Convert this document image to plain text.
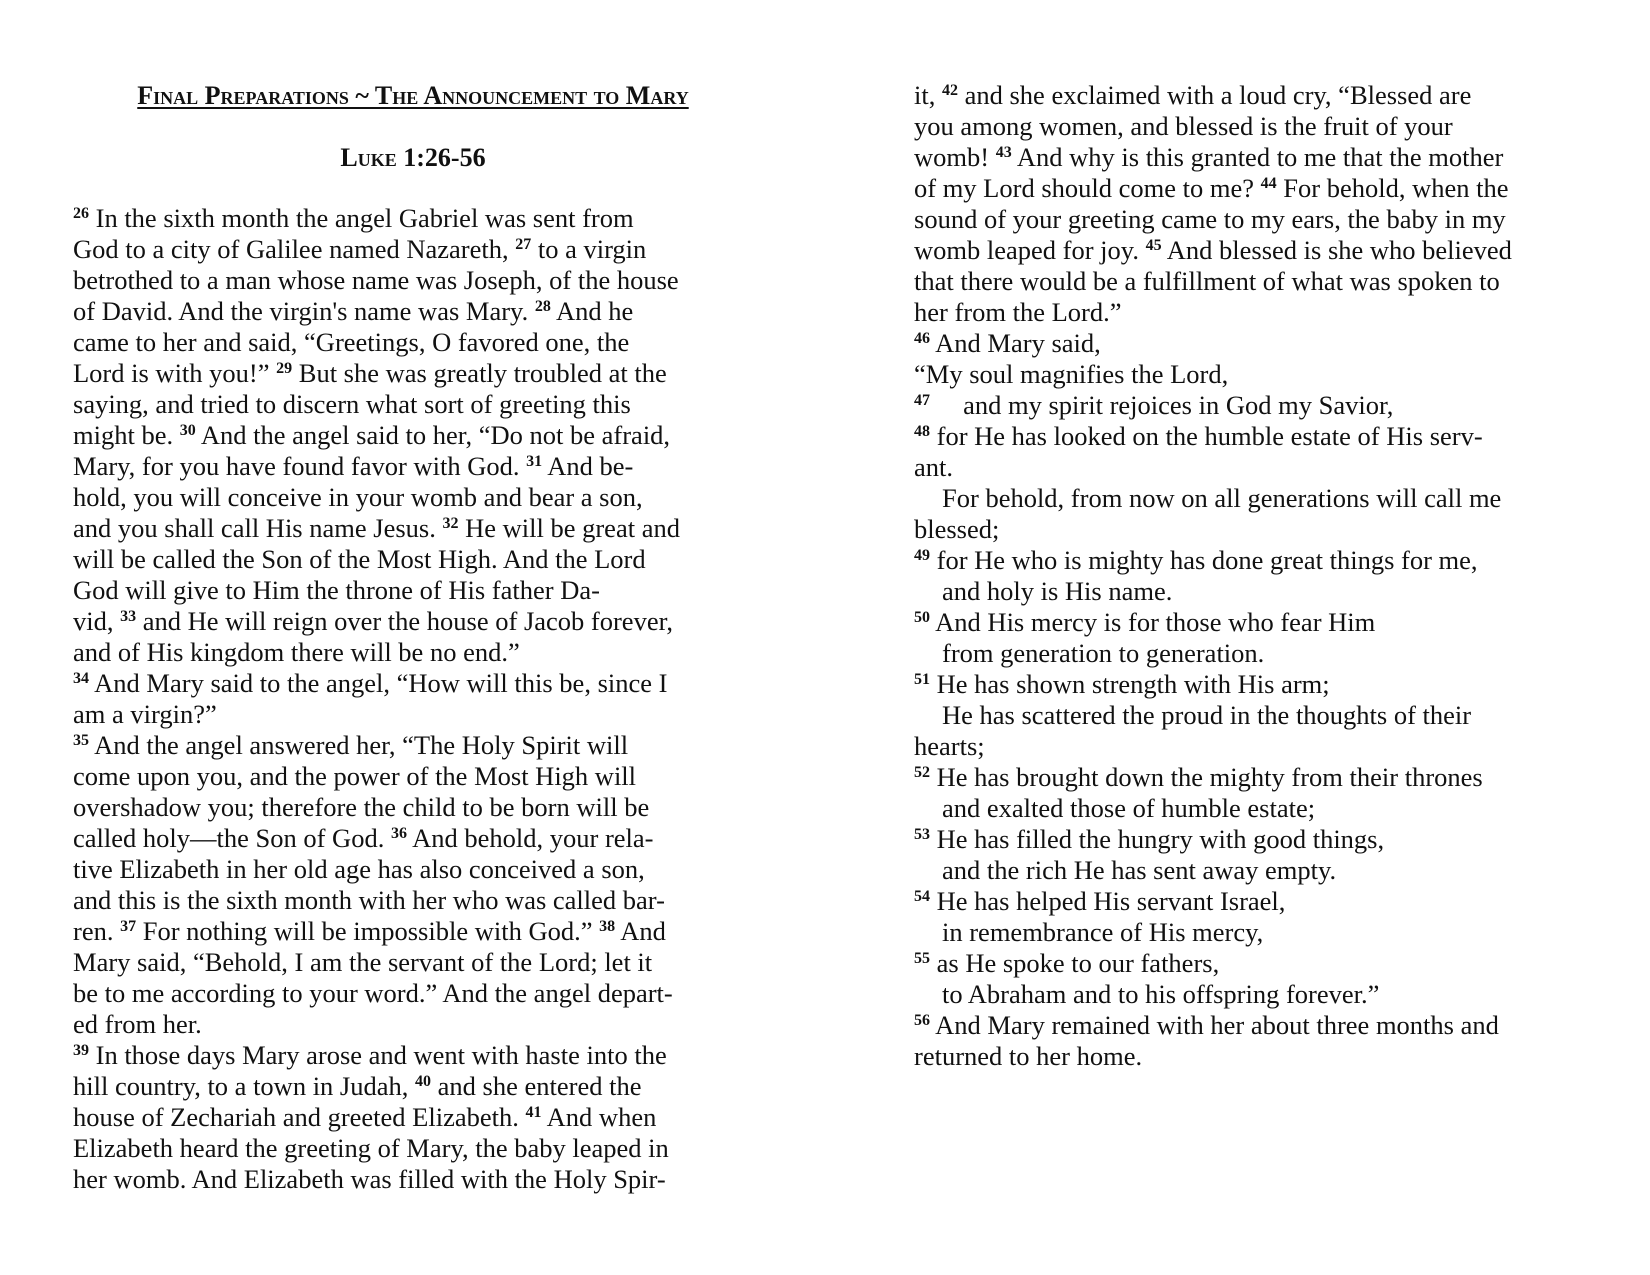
Final Preparations ~ The Announcement to Mary
Luke 1:26-56
$^{26}$ In the sixth month the angel Gabriel was sent from
God to a city of Galilee named Nazareth, $^{27}$ to a virgin
betrothed to a man whose name was Joseph, of the house
of David. And the virgin's name was Mary. $^{28}$ And he
came to her and said, “Greetings, O favored one, the
Lord is with you!” $^{29}$ But she was greatly troubled at the
saying, and tried to discern what sort of greeting this
might be. $^{30}$ And the angel said to her, “Do not be afraid,
Mary, for you have found favor with God. $^{31}$ And be-
hold, you will conceive in your womb and bear a son,
and you shall call His name Jesus. $^{32}$ He will be great and
will be called the Son of the Most High. And the Lord
God will give to Him the throne of His father Da-
vid, $^{33}$ and He will reign over the house of Jacob forever,
and of His kingdom there will be no end.”
$^{34}$ And Mary said to the angel, “How will this be, since I
am a virgin?”
$^{35}$ And the angel answered her, “The Holy Spirit will
come upon you, and the power of the Most High will
overshadow you; therefore the child to be born will be
called holy—the Son of God. $^{36}$ And behold, your rela-
tive Elizabeth in her old age has also conceived a son,
and this is the sixth month with her who was called bar-
ren. $^{37}$ For nothing will be impossible with God.” $^{38}$ And
Mary said, “Behold, I am the servant of the Lord; let it
be to me according to your word.” And the angel depart-
ed from her.
$^{39}$ In those days Mary arose and went with haste into the
hill country, to a town in Judah, $^{40}$ and she entered the
house of Zechariah and greeted Elizabeth. $^{41}$ And when
Elizabeth heard the greeting of Mary, the baby leaped in
her womb. And Elizabeth was filled with the Holy Spir-
it, $^{42}$ and she exclaimed with a loud cry, “Blessed are
you among women, and blessed is the fruit of your
womb! $^{43}$ And why is this granted to me that the mother
of my Lord should come to me? $^{44}$ For behold, when the
sound of your greeting came to my ears, the baby in my
womb leaped for joy. $^{45}$ And blessed is she who believed
that there would be a fulfillment of what was spoken to
her from the Lord.”
$^{46}$ And Mary said,
“My soul magnifies the Lord,
$^{47}$     and my spirit rejoices in God my Savior,
$^{48}$ for He has looked on the humble estate of His serv-
ant.
For behold, from now on all generations will call me
blessed;
$^{49}$ for He who is mighty has done great things for me,
and holy is His name.
$^{50}$ And His mercy is for those who fear Him
from generation to generation.
$^{51}$ He has shown strength with His arm;
He has scattered the proud in the thoughts of their
hearts;
$^{52}$ He has brought down the mighty from their thrones
and exalted those of humble estate;
$^{53}$ He has filled the hungry with good things,
and the rich He has sent away empty.
$^{54}$ He has helped His servant Israel,
in remembrance of His mercy,
$^{55}$ as He spoke to our fathers,
to Abraham and to his offspring forever.”
$^{56}$ And Mary remained with her about three months and
returned to her home.
